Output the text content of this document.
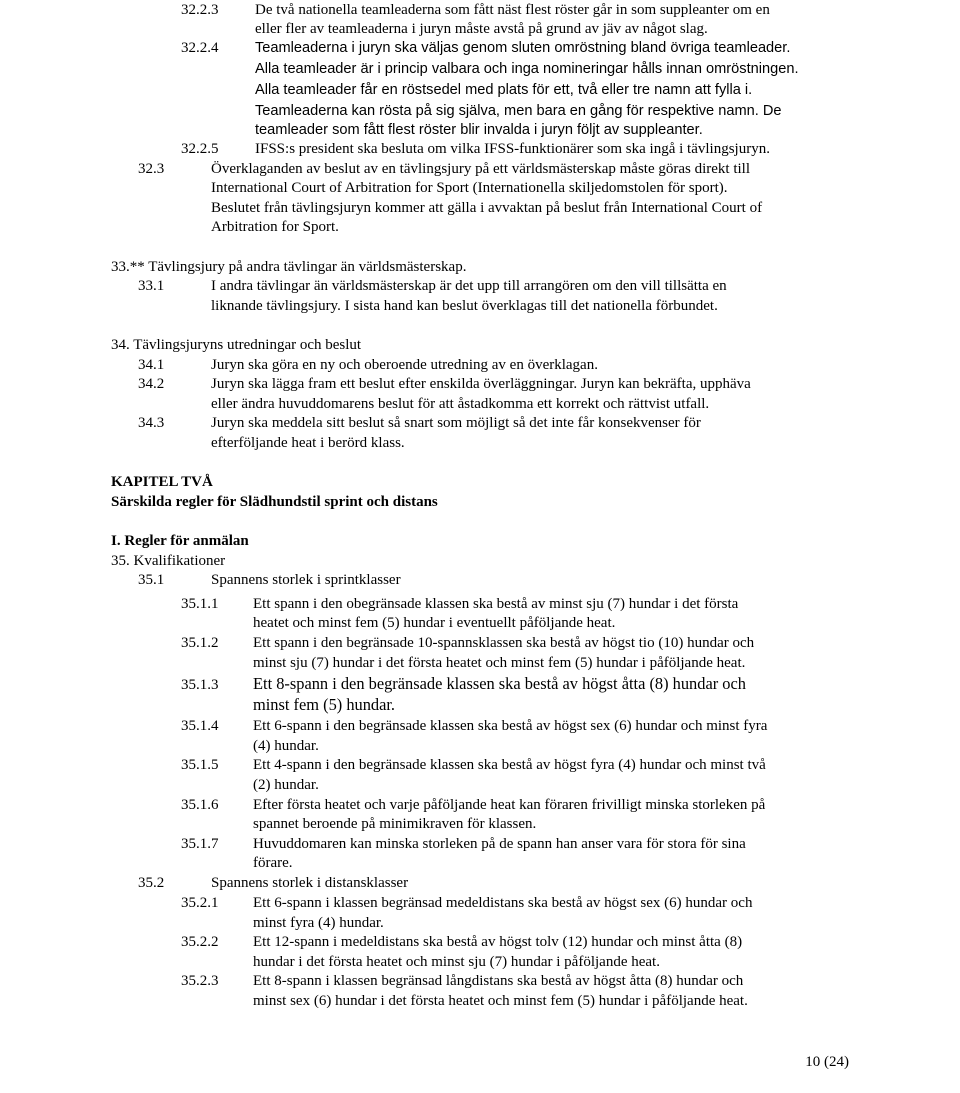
32.2.3 De två nationella teamleaderna som fått näst flest röster går in som suppleanter om en
eller fler av teamleaderna i juryn måste avstå på grund av jäv av något slag.
32.2.4	Teamleaderna i juryn ska väljas genom sluten omröstning bland övriga teamleader.
Alla teamleader är i princip valbara och inga nomineringar hålls innan omröstningen.
Alla teamleader får en röstsedel med plats för ett, två eller tre namn att fylla i.
Teamleaderna kan rösta på sig själva, men bara en gång för respektive namn. De
teamleader som fått flest röster blir invalda i juryn följt av suppleanter.
32.2.5 IFSS:s president ska besluta om vilka IFSS-funktionärer som ska ingå i tävlingsjuryn.
32.3	Överklaganden av beslut av en tävlingsjury på ett världsmästerskap måste göras direkt till
International Court of Arbitration for Sport (Internationella skiljedomstolen för sport).
Beslutet från tävlingsjuryn kommer att gälla i avvaktan på beslut från International Court of
Arbitration for Sport.
33.** Tävlingsjury på andra tävlingar än världsmästerskap.
33.1	I andra tävlingar än världsmästerskap är det upp till arrangören om den vill tillsätta en
liknande tävlingsjury. I sista hand kan beslut överklagas till det nationella förbundet.
34. Tävlingsjuryns utredningar och beslut
34.1	Juryn ska göra en ny och oberoende utredning av en överklagan.
34.2	Juryn ska lägga fram ett beslut efter enskilda överläggningar. Juryn kan bekräfta, upphäva
eller ändra huvuddomarens beslut för att åstadkomma ett korrekt och rättvist utfall.
34.3	Juryn ska meddela sitt beslut så snart som möjligt så det inte får konsekvenser för
efterföljande heat i berörd klass.
KAPITEL TVÅ
Särskilda regler för Slädhundstil sprint och distans
I. Regler för anmälan
35. Kvalifikationer
35.1	Spannens storlek i sprintklasser
35.1.1 Ett spann i den obegränsade klassen ska bestå av minst sju (7) hundar i det första
heatet och minst fem (5) hundar i eventuellt påföljande heat.
35.1.2 Ett spann i den begränsade 10-spannsklassen ska bestå av högst tio (10) hundar och
minst sju (7) hundar i det första heatet och minst fem (5) hundar i påföljande heat.
35.1.3 Ett 8-spann i den begränsade klassen ska bestå av högst åtta (8) hundar och
minst fem (5) hundar.
35.1.4 Ett 6-spann i den begränsade klassen ska bestå av högst sex (6) hundar och minst fyra
(4) hundar.
35.1.5 Ett 4-spann i den begränsade klassen ska bestå av högst fyra (4) hundar och minst två
(2) hundar.
35.1.6 Efter första heatet och varje påföljande heat kan föraren frivilligt minska storleken på
spannet beroende på minimikraven för klassen.
35.1.7 Huvuddomaren kan minska storleken på de spann han anser vara för stora för sina
förare.
35.2	Spannens storlek i distansklasser
35.2.1 Ett 6-spann i klassen begränsad medeldistans ska bestå av högst sex (6) hundar och
minst fyra (4) hundar.
35.2.2 Ett 12-spann i medeldistans ska bestå av högst tolv (12) hundar och minst åtta (8)
hundar i det första heatet och minst sju (7) hundar i påföljande heat.
35.2.3 Ett 8-spann i klassen begränsad långdistans ska bestå av högst åtta (8) hundar och
minst sex (6) hundar i det första heatet och minst fem (5) hundar i påföljande heat.
10 (24)
